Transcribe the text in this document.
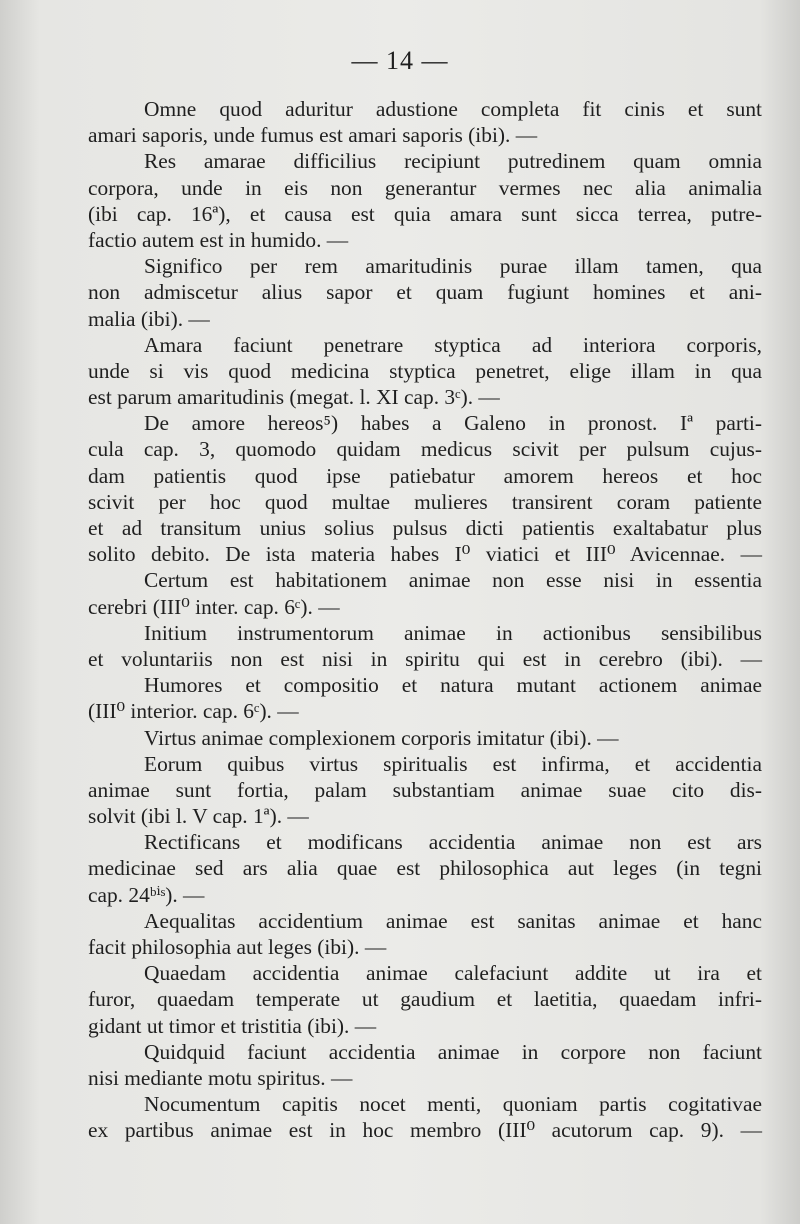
— 14 —
Omne quod aduritur adustione completa fit cinis et sunt
amari saporis, unde fumus est amari saporis (ibi). —
Res amarae difficilius recipiunt putredinem quam omnia
corpora, unde in eis non generantur vermes nec alia animalia
(ibi cap. 16ª), et causa est quia amara sunt sicca terrea, putre-
factio autem est in humido. —
Significo per rem amaritudinis purae illam tamen, qua
non admiscetur alius sapor et quam fugiunt homines et ani-
malia (ibi). —
Amara faciunt penetrare styptica ad interiora corporis,
unde si vis quod medicina styptica penetret, elige illam in qua
est parum amaritudinis (megat. l. XI cap. 3ᶜ). —
De amore hereos⁵) habes a Galeno in pronost. Iª parti-
cula cap. 3, quomodo quidam medicus scivit per pulsum cujus-
dam patientis quod ipse patiebatur amorem hereos et hoc
scivit per hoc quod multae mulieres transirent coram patiente
et ad transitum unius solius pulsus dicti patientis exaltabatur plus
solito debito. De ista materia habes I⁰ viatici et III⁰ Avicennae. —
Certum est habitationem animae non esse nisi in essentia
cerebri (III⁰ inter. cap. 6ᶜ). —
Initium instrumentorum animae in actionibus sensibilibus
et voluntariis non est nisi in spiritu qui est in cerebro (ibi). —
Humores et compositio et natura mutant actionem animae
(III⁰ interior. cap. 6ᶜ). —
Virtus animae complexionem corporis imitatur (ibi). —
Eorum quibus virtus spiritualis est infirma, et accidentia
animae sunt fortia, palam substantiam animae suae cito dis-
solvit (ibi l. V cap. 1ª). —
Rectificans et modificans accidentia animae non est ars
medicinae sed ars alia quae est philosophica aut leges (in tegni
cap. 24ᵇⁱˢ). —
Aequalitas accidentium animae est sanitas animae et hanc
facit philosophia aut leges (ibi). —
Quaedam accidentia animae calefaciunt addite ut ira et
furor, quaedam temperate ut gaudium et laetitia, quaedam infri-
gidant ut timor et tristitia (ibi). —
Quidquid faciunt accidentia animae in corpore non faciunt
nisi mediante motu spiritus. —
Nocumentum capitis nocet menti, quoniam partis cogitativae
ex partibus animae est in hoc membro (III⁰ acutorum cap. 9). —
